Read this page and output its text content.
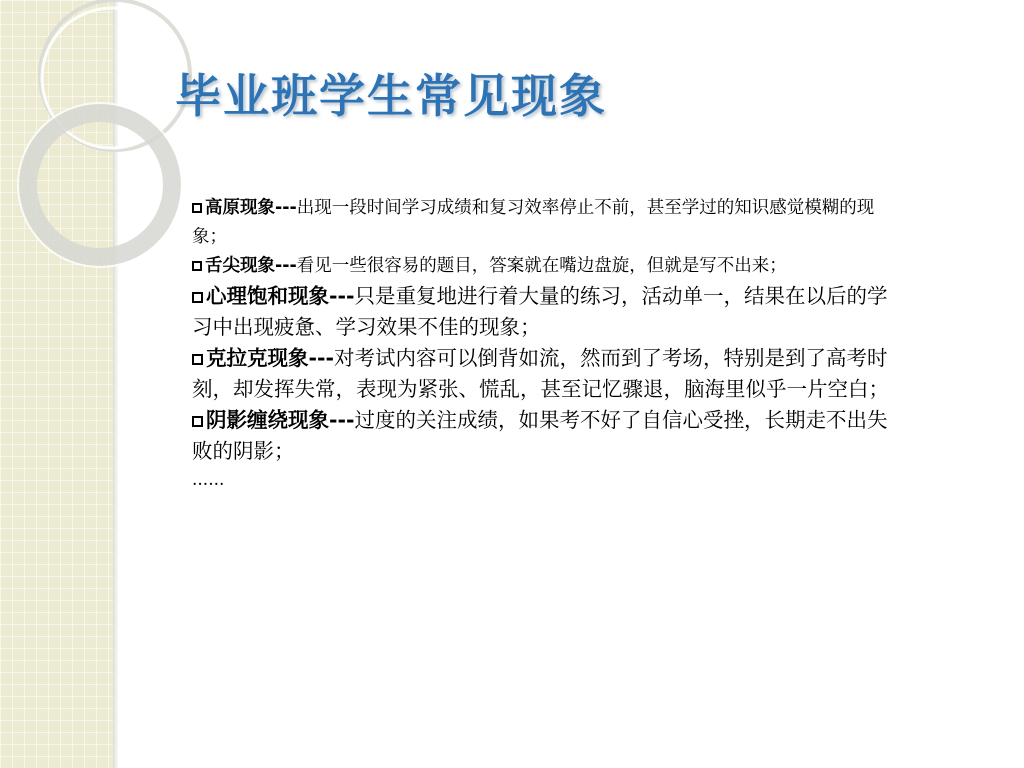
毕业班学生常见现象

高原现象---出现一段时间学习成绩和复习效率停止不前，甚至学过的知识感觉模糊的现象；

舌尖现象---看见一些很容易的题目，答案就在嘴边盘旋，但就是写不出来；

心理饱和现象---只是重复地进行着大量的练习，活动单一，结果在以后的学习中出现疲惫、学习效果不佳的现象；

克拉克现象---对考试内容可以倒背如流，然而到了考场，特别是到了高考时刻，却发挥失常，表现为紧张、慌乱，甚至记忆骤退，脑海里似乎一片空白；

阴影缠绕现象---过度的关注成绩，如果考不好了自信心受挫，长期走不出失败的阴影；

......
